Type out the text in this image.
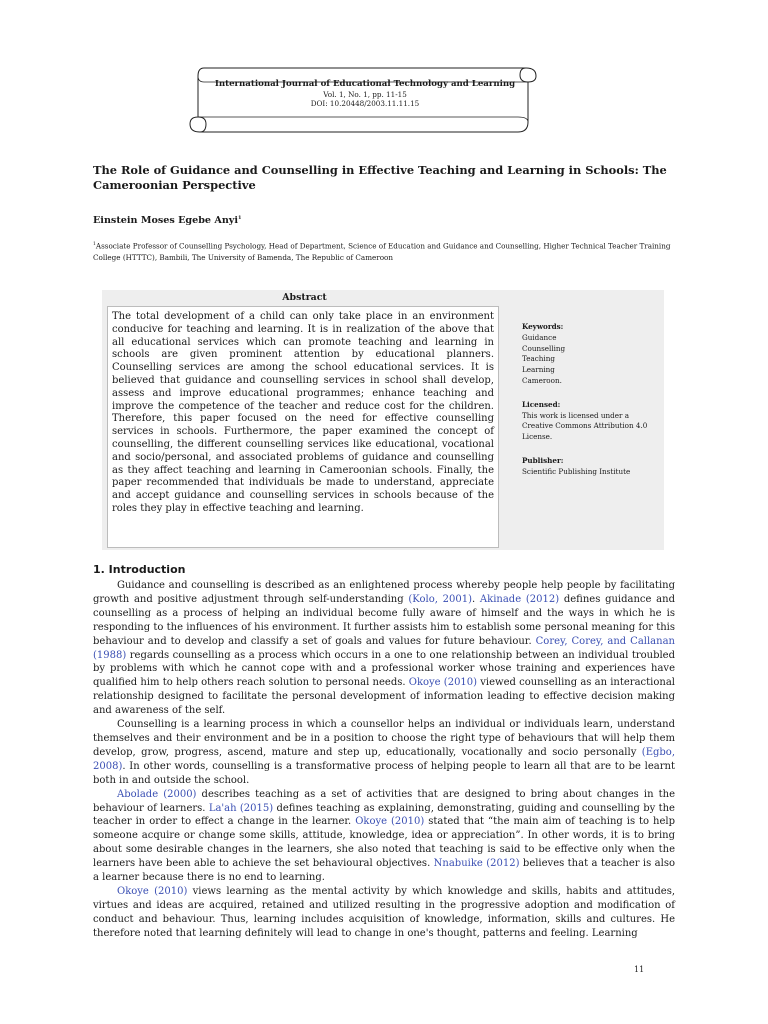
International Journal of Educational Technology and Learning
Vol. 1, No. 1, pp. 11-15
DOI: 10.20448/2003.11.11.15
The Role of Guidance and Counselling in Effective Teaching and Learning in Schools: The Cameroonian Perspective
Einstein Moses Egebe Anyi$^1$
$^1$Associate Professor of Counselling Psychology, Head of Department, Science of Education and Guidance and Counselling, Higher Technical Teacher Training College (HTTTC), Bambili, The University of Bamenda, The Republic of Cameroon
Abstract
The total development of a child can only take place in an environment conducive for teaching and learning. It is in realization of the above that all educational services which can promote teaching and learning in schools are given prominent attention by educational planners. Counselling services are among the school educational services. It is believed that guidance and counselling services in school shall develop, assess and improve educational programmes; enhance teaching and improve the competence of the teacher and reduce cost for the children. Therefore, this paper focused on the need for effective counselling services in schools. Furthermore, the paper examined the concept of counselling, the different counselling services like educational, vocational and socio/personal, and associated problems of guidance and counselling as they affect teaching and learning in Cameroonian schools. Finally, the paper recommended that individuals be made to understand, appreciate and accept guidance and counselling services in schools because of the roles they play in effective teaching and learning.
Keywords:
Guidance
Counselling
Teaching
Learning
Cameroon.
Licensed:
This work is licensed under a Creative Commons Attribution 4.0 License.
Publisher:
Scientific Publishing Institute
1. Introduction

Guidance and counselling is described as an enlightened process whereby people help people by facilitating growth and positive adjustment through self-understanding (Kolo, 2001). Akinade (2012) defines guidance and counselling as a process of helping an individual become fully aware of himself and the ways in which he is responding to the influences of his environment. It further assists him to establish some personal meaning for this behaviour and to develop and classify a set of goals and values for future behaviour. Corey, Corey, and Callanan (1988) regards counselling as a process which occurs in a one to one relationship between an individual troubled by problems with which he cannot cope with and a professional worker whose training and experiences have qualified him to help others reach solution to personal needs. Okoye (2010) viewed counselling as an interactional relationship designed to facilitate the personal development of information leading to effective decision making and awareness of the self.

Counselling is a learning process in which a counsellor helps an individual or individuals learn, understand themselves and their environment and be in a position to choose the right type of behaviours that will help them develop, grow, progress, ascend, mature and step up, educationally, vocationally and socio personally (Egbo, 2008). In other words, counselling is a transformative process of helping people to learn all that are to be learnt both in and outside the school.

Abolade (2000) describes teaching as a set of activities that are designed to bring about changes in the behaviour of learners. La'ah (2015) defines teaching as explaining, demonstrating, guiding and counselling by the teacher in order to effect a change in the learner. Okoye (2010) stated that “the main aim of teaching is to help someone acquire or change some skills, attitude, knowledge, idea or appreciation”. In other words, it is to bring about some desirable changes in the learners, she also noted that teaching is said to be effective only when the learners have been able to achieve the set behavioural objectives. Nnabuike (2012) believes that a teacher is also a learner because there is no end to learning.

Okoye (2010) views learning as the mental activity by which knowledge and skills, habits and attitudes, virtues and ideas are acquired, retained and utilized resulting in the progressive adoption and modification of conduct and behaviour. Thus, learning includes acquisition of knowledge, information, skills and cultures. He therefore noted that learning definitely will lead to change in one's thought, patterns and feeling. Learning

11
